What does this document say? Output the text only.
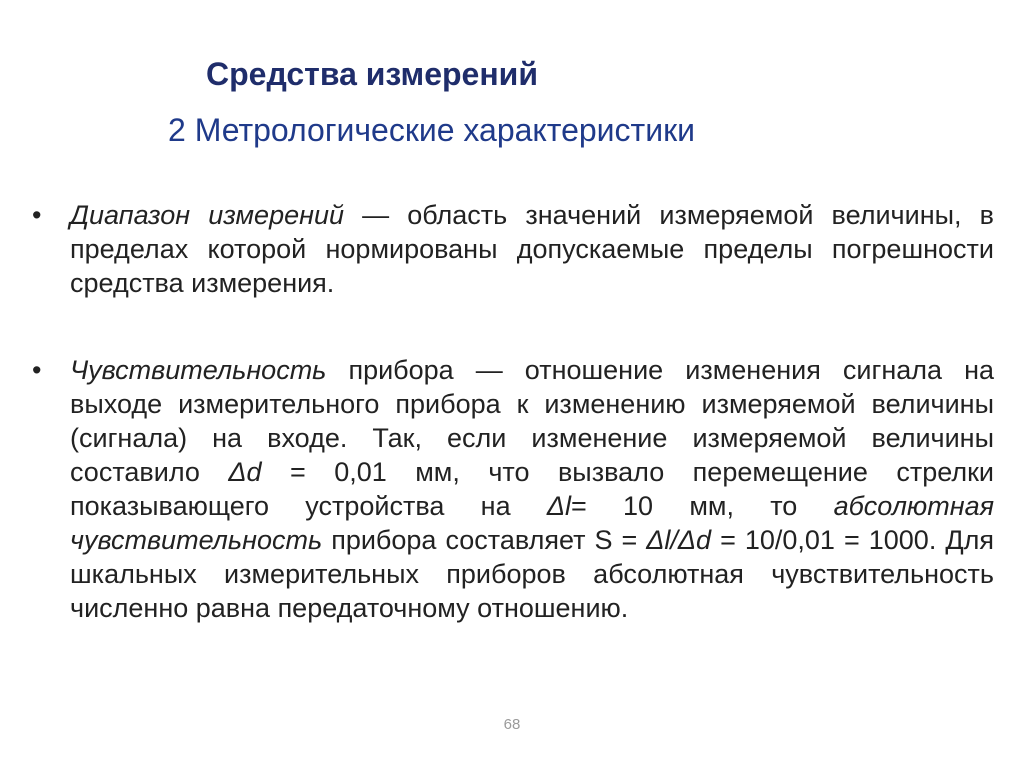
Средства измерений
2 Метрологические характеристики
• Диапазон измерений — область значений измеряемой величины, в пределах которой нормированы допускаемые пределы погрешности средства измерения.
• Чувствительность прибора — отношение изменения сигнала на выходе измерительного прибора к изменению измеряемой величины (сигнала) на входе. Так, если изменение измеряемой величины составило Δd = 0,01 мм, что вызвало перемещение стрелки показывающего устройства на Δl= 10 мм, то абсолютная чувствительность прибора составляет S = Δl/Δd = 10/0,01 = 1000. Для шкальных измерительных приборов абсолютная чувствительность численно равна передаточному отношению.
68
